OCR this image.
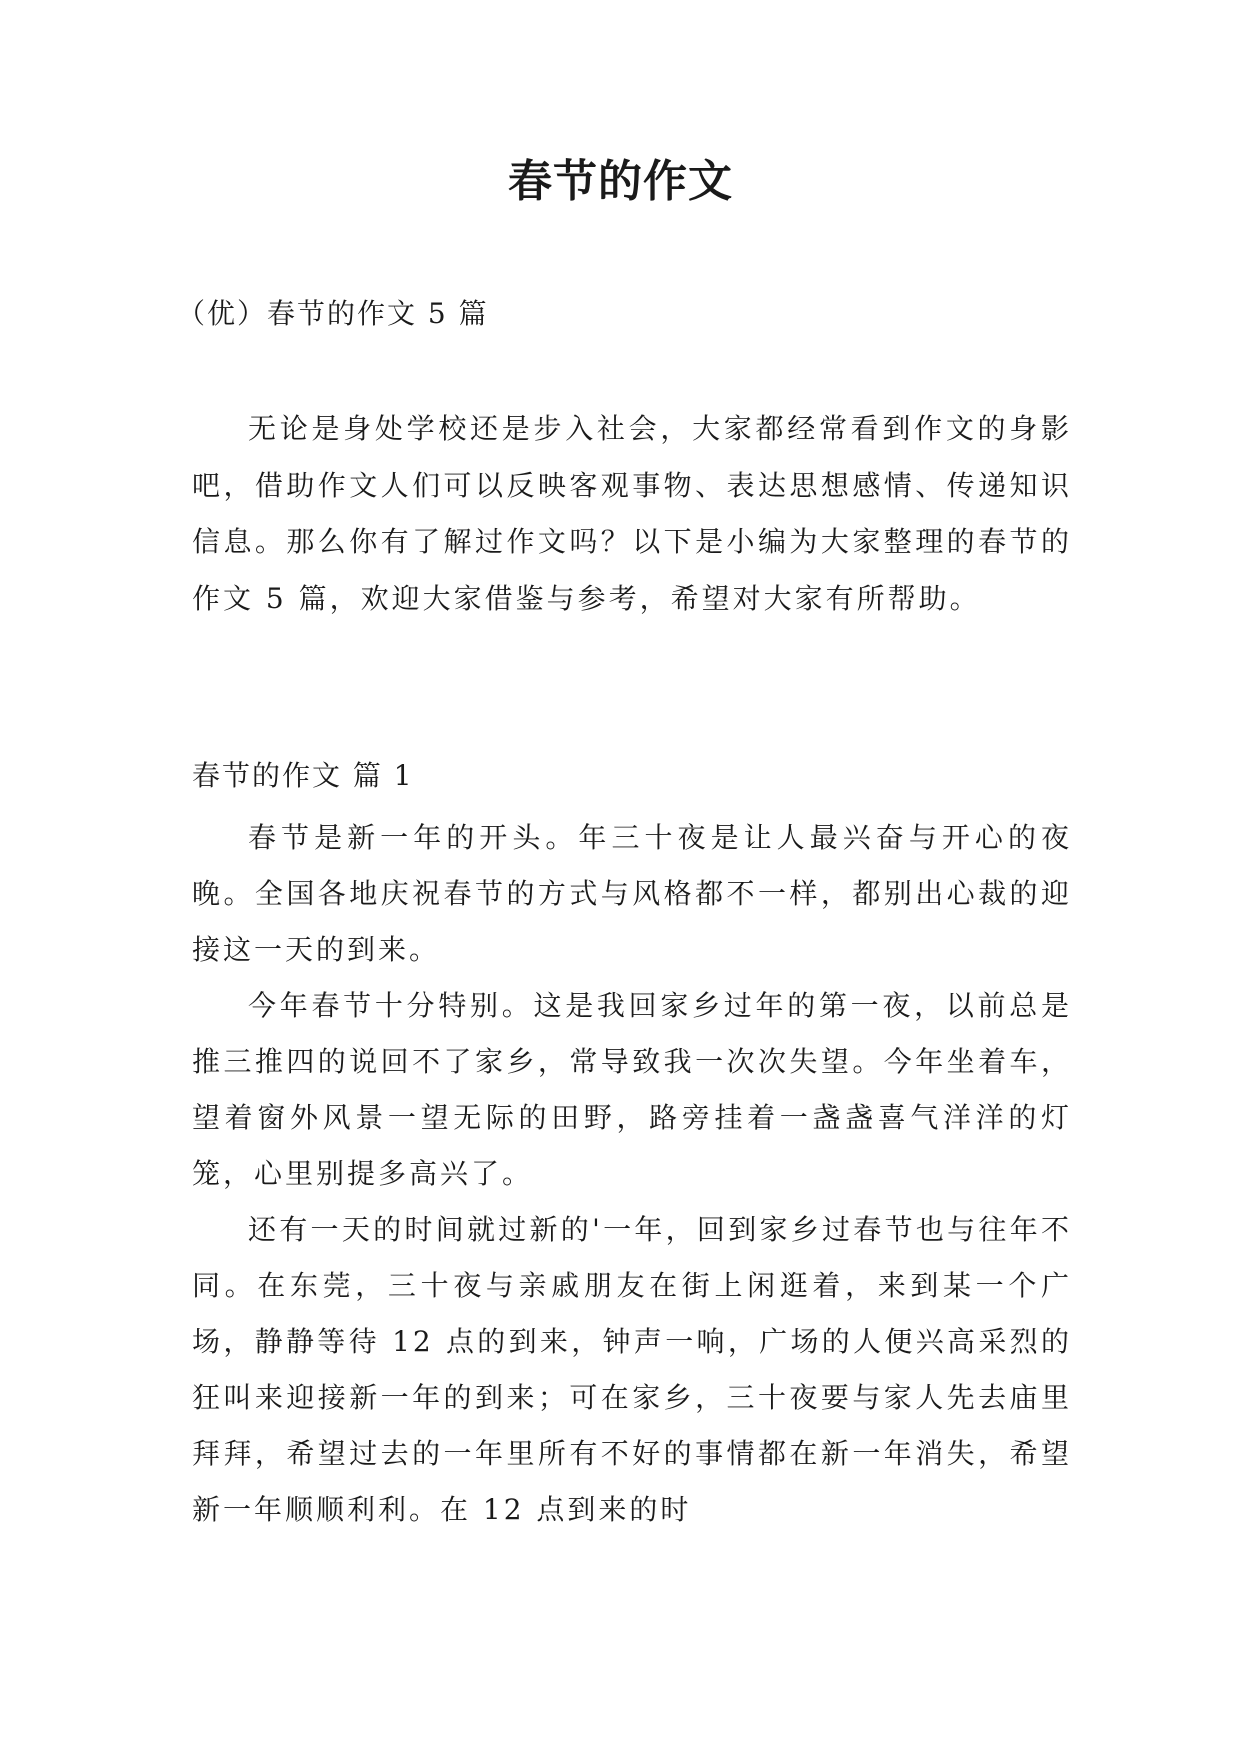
春节的作文

（优）春节的作文 5 篇

无论是身处学校还是步入社会，大家都经常看到作文的身影吧，借助作文人们可以反映客观事物、表达思想感情、传递知识信息。那么你有了解过作文吗？以下是小编为大家整理的春节的作文 5 篇，欢迎大家借鉴与参考，希望对大家有所帮助。

春节的作文 篇 1

春节是新一年的开头。年三十夜是让人最兴奋与开心的夜晚。全国各地庆祝春节的方式与风格都不一样，都别出心裁的迎接这一天的到来。

今年春节十分特别。这是我回家乡过年的第一夜，以前总是推三推四的说回不了家乡，常导致我一次次失望。今年坐着车，望着窗外风景一望无际的田野，路旁挂着一盏盏喜气洋洋的灯笼，心里别提多高兴了。

还有一天的时间就过新的'一年，回到家乡过春节也与往年不同。在东莞，三十夜与亲戚朋友在街上闲逛着，来到某一个广场，静静等待 12 点的到来，钟声一响，广场的人便兴高采烈的狂叫来迎接新一年的到来；可在家乡，三十夜要与家人先去庙里拜拜，希望过去的一年里所有不好的事情都在新一年消失，希望新一年顺顺利利。在 12 点到来的时
